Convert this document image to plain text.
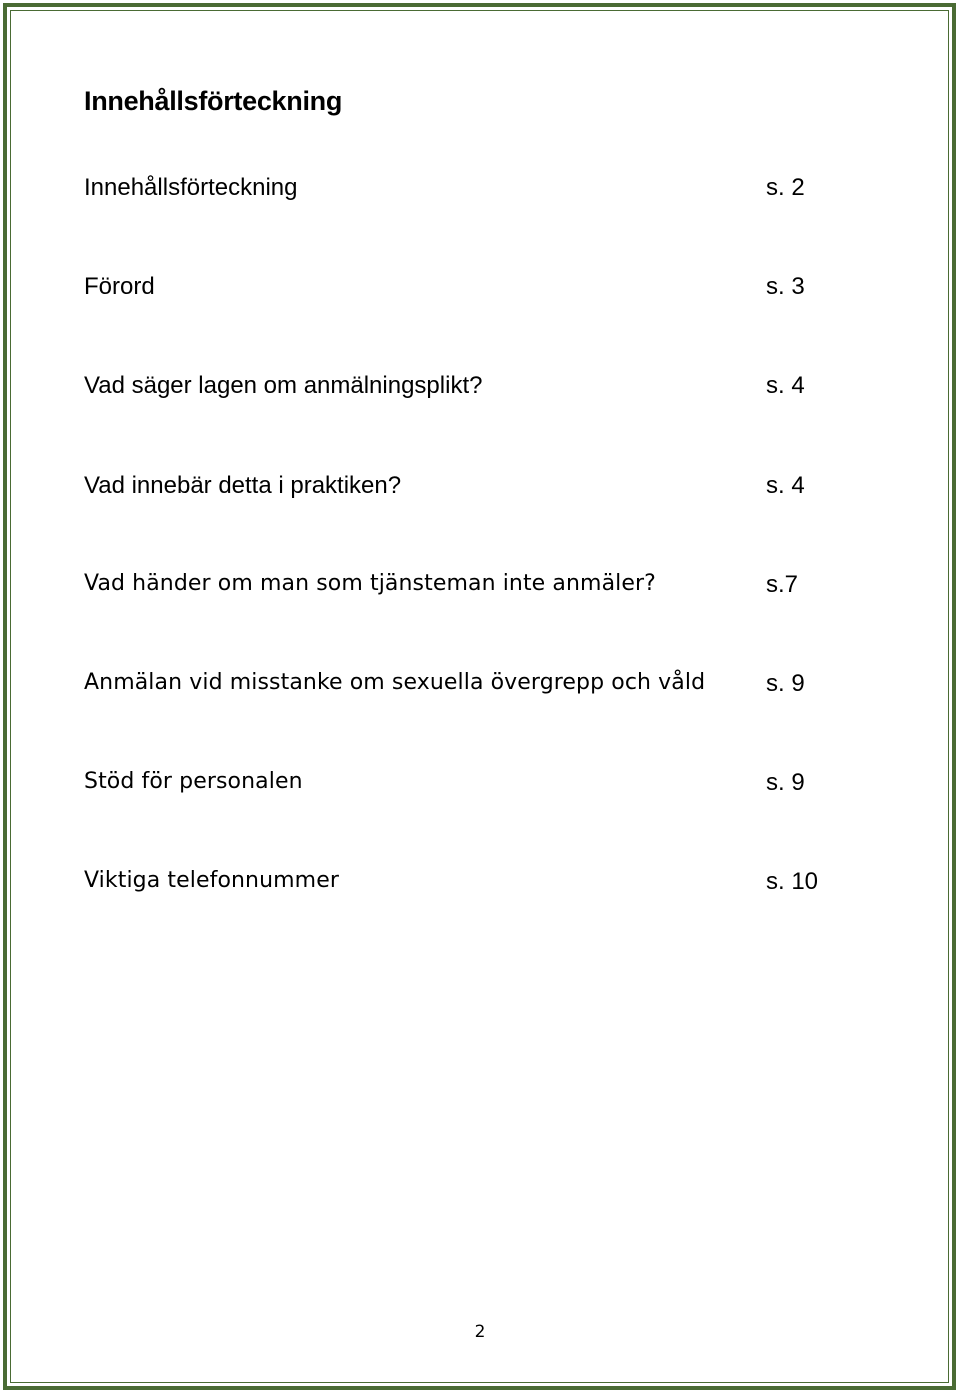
Innehållsförteckning
Innehållsförteckning	s. 2
Förord	s. 3
Vad säger lagen om anmälningsplikt?	s. 4
Vad innebär detta i praktiken?	s. 4
Vad händer om man som tjänsteman inte anmäler?	s.7
Anmälan vid misstanke om sexuella övergrepp och våld	s. 9
Stöd för personalen	s. 9
Viktiga telefonnummer	s. 10
2
